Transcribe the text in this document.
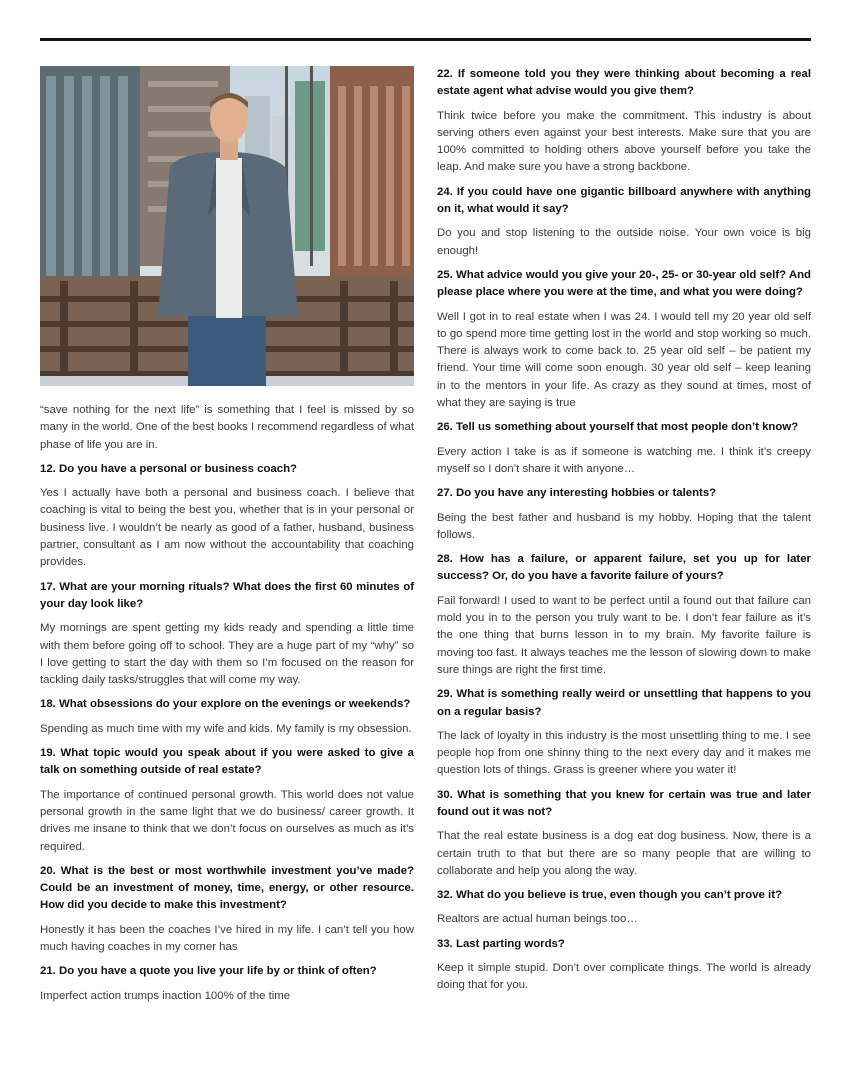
“save nothing for the next life” is something that I feel is missed by so many in the world. One of the best books I recommend regardless of what phase of life you are in.

12. Do you have a personal or business coach?

Yes I actually have both a personal and business coach. I believe that coaching is vital to being the best you, whether that is in your personal or business live. I wouldn’t be nearly as good of a father, husband, business partner, consultant as I am now without the accountability that coaching provides.

17. What are your morning rituals? What does the first 60 minutes of your day look like?

My mornings are spent getting my kids ready and spending a little time with them before going off to school. They are a huge part of my “why” so I love getting to start the day with them so I’m focused on the reason for tackling daily tasks/struggles that will come my way.

18. What obsessions do your explore on the evenings or weekends?

Spending as much time with my wife and kids. My family is my obsession.

19. What topic would you speak about if you were asked to give a talk on something outside of real estate?

The importance of continued personal growth. This world does not value personal growth in the same light that we do business/ career growth. It drives me insane to think that we don’t focus on ourselves as much as it’s required.

20. What is the best or most worthwhile investment you’ve made? Could be an investment of money, time, energy, or other resource. How did you decide to make this investment?

Honestly it has been the coaches I’ve hired in my life. I can’t tell you how much having coaches in my corner has

21. Do you have a quote you live your life by or think of often?

Imperfect action trumps inaction 100% of the time

22. If someone told you they were thinking about becoming a real estate agent what advise would you give them?

Think twice before you make the commitment. This industry is about serving others even against your best interests. Make sure that you are 100% committed to holding others above yourself before you take the leap. And make sure you have a strong backbone.

24. If you could have one gigantic billboard anywhere with anything on it, what would it say?

Do you and stop listening to the outside noise. Your own voice is big enough!

25. What advice would you give your 20-, 25- or 30-year old self? And please place where you were at the time, and what you were doing?

Well I got in to real estate when I was 24. I would tell my 20 year old self to go spend more time getting lost in the world and stop working so much. There is always work to come back to. 25 year old self – be patient my friend. Your time will come soon enough. 30 year old self – keep leaning in to the mentors in your life. As crazy as they sound at times, most of what they are saying is true

26. Tell us something about yourself that most people don’t know?

Every action I take is as if someone is watching me. I think it’s creepy myself so I don’t share it with anyone…

27. Do you have any interesting hobbies or talents?

Being the best father and husband is my hobby. Hoping that the talent follows.

28. How has a failure, or apparent failure, set you up for later success? Or, do you have a favorite failure of yours?

Fail forward! I used to want to be perfect until a found out that failure can mold you in to the person you truly want to be. I don’t fear failure as it’s the one thing that burns lesson in to my brain. My favorite failure is moving too fast. It always teaches me the lesson of slowing down to make sure things are right the first time.

29. What is something really weird or unsettling that happens to you on a regular basis?

The lack of loyalty in this industry is the most unsettling thing to me. I see people hop from one shinny thing to the next every day and it makes me question lots of things. Grass is greener where you water it!

30. What is something that you knew for certain was true and later found out it was not?

That the real estate business is a dog eat dog business. Now, there is a certain truth to that but there are so many people that are willing to collaborate and help you along the way.

32. What do you believe is true, even though you can’t prove it?

Realtors are actual human beings too…

33. Last parting words?

Keep it simple stupid. Don’t over complicate things. The world is already doing that for you.
